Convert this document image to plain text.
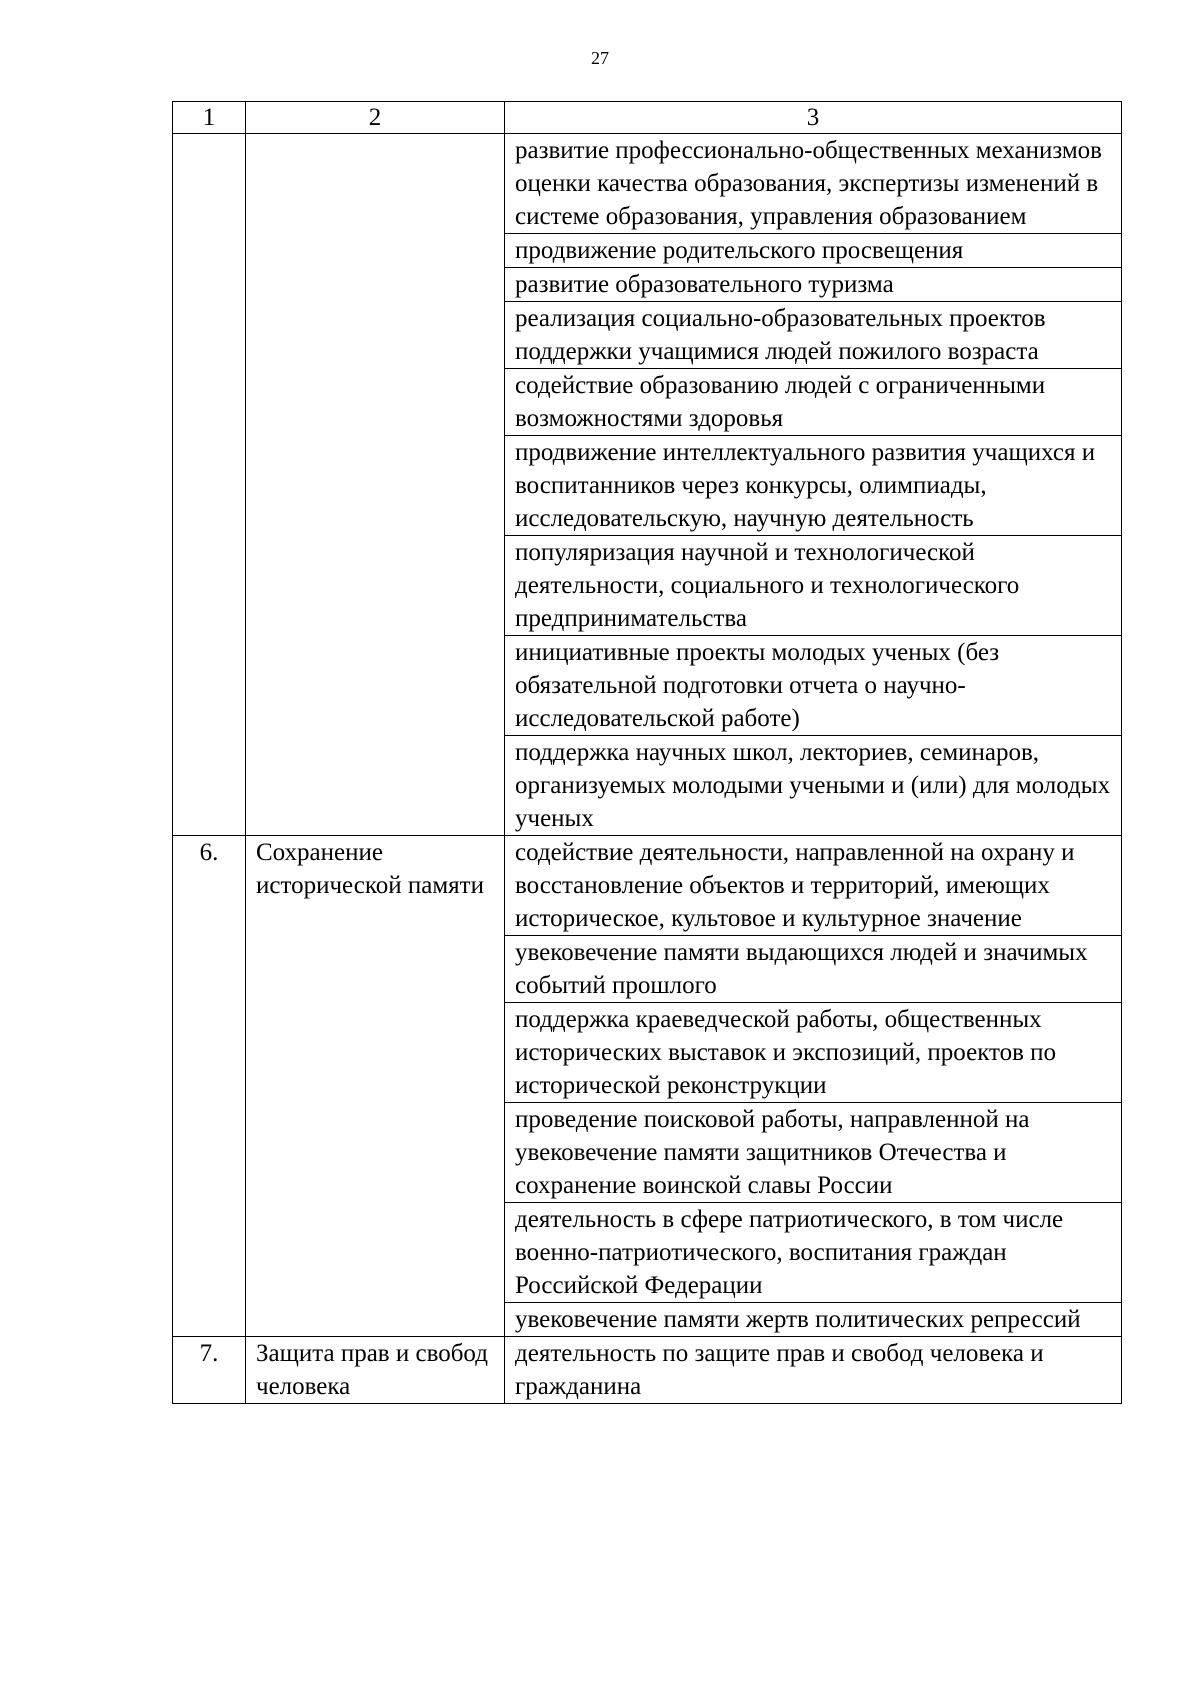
27
1	2	3
		развитие профессионально-общественных механизмов оценки качества образования, экспертизы изменений в системе образования, управления образованием
		продвижение родительского просвещения
		развитие образовательного туризма
		реализация социально-образовательных проектов поддержки учащимися людей пожилого возраста
		содействие образованию людей с ограниченными возможностями здоровья
		продвижение интеллектуального развития учащихся и воспитанников через конкурсы, олимпиады, исследовательскую, научную деятельность
		популяризация научной и технологической деятельности, социального и технологического предпринимательства
		инициативные проекты молодых ученых (без обязательной подготовки отчета о научно-исследовательской работе)
		поддержка научных школ, лекториев, семинаров, организуемых молодыми учеными и (или) для молодых ученых
6.	Сохранение исторической памяти	содействие деятельности, направленной на охрану и восстановление объектов и территорий, имеющих историческое, культовое и культурное значение
		увековечение памяти выдающихся людей и значимых событий прошлого
		поддержка краеведческой работы, общественных исторических выставок и экспозиций, проектов по исторической реконструкции
		проведение поисковой работы, направленной на увековечение памяти защитников Отечества и сохранение воинской славы России
		деятельность в сфере патриотического, в том числе военно-патриотического, воспитания граждан Российской Федерации
		увековечение памяти жертв политических репрессий
7.	Защита прав и свобод человека	деятельность по защите прав и свобод человека и гражданина
